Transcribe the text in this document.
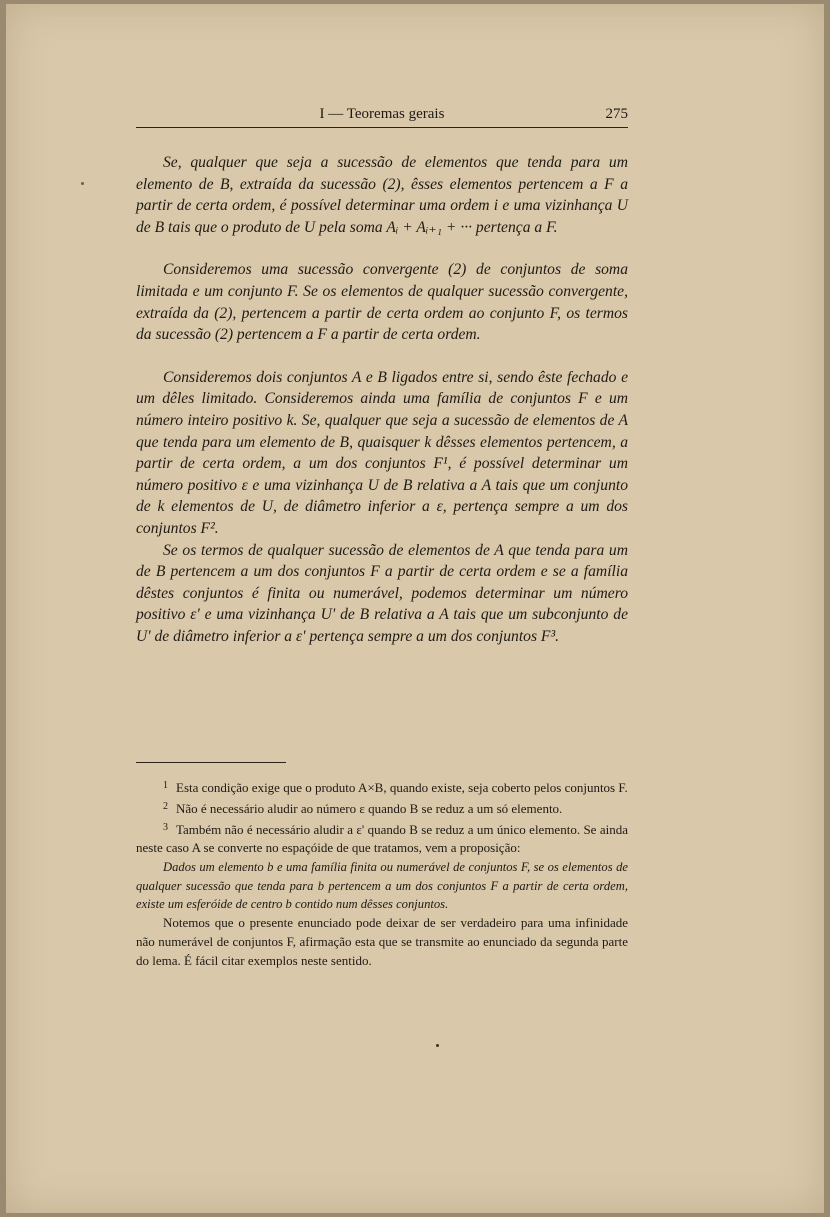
I — Teoremas gerais	275

Se, qualquer que seja a sucessão de elementos que tenda para um elemento de B, extraída da sucessão (2), êsses elementos pertencem a F a partir de certa ordem, é possível determinar uma ordem i e uma vizinhança U de B tais que o produto de U pela soma Aᵢ + Aᵢ₊₁ + ··· pertença a F.

Consideremos uma sucessão convergente (2) de conjuntos de soma limitada e um conjunto F. Se os elementos de qualquer sucessão convergente, extraída da (2), pertencem a partir de certa ordem ao conjunto F, os termos da sucessão (2) pertencem a F a partir de certa ordem.

Consideremos dois conjuntos A e B ligados entre si, sendo êste fechado e um dêles limitado. Consideremos ainda uma família de conjuntos F e um número inteiro positivo k. Se, qualquer que seja a sucessão de elementos de A que tenda para um elemento de B, quaisquer k dêsses elementos pertencem, a partir de certa ordem, a um dos conjuntos F¹, é possível determinar um número positivo ε e uma vizinhança U de B relativa a A tais que um conjunto de k elementos de U, de diâmetro inferior a ε, pertença sempre a um dos conjuntos F².

Se os termos de qualquer sucessão de elementos de A que tenda para um de B pertencem a um dos conjuntos F a partir de certa ordem e se a família dêstes conjuntos é finita ou numerável, podemos determinar um número positivo ε' e uma vizinhança U' de B relativa a A tais que um subconjunto de U' de diâmetro inferior a ε' pertença sempre a um dos conjuntos F³.

$^1$ Esta condição exige que o produto A×B, quando existe, seja coberto pelos conjuntos F.

$^2$ Não é necessário aludir ao número ε quando B se reduz a um só elemento.

$^3$ Também não é necessário aludir a ε' quando B se reduz a um único elemento. Se ainda neste caso A se converte no espaçóide de que tratamos, vem a proposição:

Dados um elemento b e uma família finita ou numerável de conjuntos F, se os elementos de qualquer sucessão que tenda para b pertencem a um dos conjuntos F a partir de certa ordem, existe um esferóide de centro b contido num dêsses conjuntos.

Notemos que o presente enunciado pode deixar de ser verdadeiro para uma infinidade não numerável de conjuntos F, afirmação esta que se transmite ao enunciado da segunda parte do lema. É fácil citar exemplos neste sentido.
